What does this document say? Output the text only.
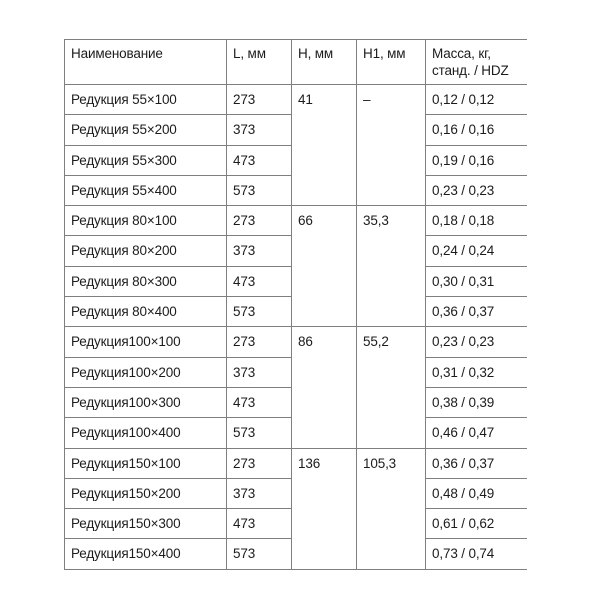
Наименование	L, мм	H, мм	H1, мм	Масса, кг,
станд. / HDZ

Редукция 55×100	273	41	–	0,12 / 0,12
Редукция 55×200	373			0,16 / 0,16
Редукция 55×300	473			0,19 / 0,16
Редукция 55×400	573			0,23 / 0,23
Редукция 80×100	273	66	35,3	0,18 / 0,18
Редукция 80×200	373			0,24 / 0,24
Редукция 80×300	473			0,30 / 0,31
Редукция 80×400	573			0,36 / 0,37
Редукция100×100	273	86	55,2	0,23 / 0,23
Редукция100×200	373			0,31 / 0,32
Редукция100×300	473			0,38 / 0,39
Редукция100×400	573			0,46 / 0,47
Редукция150×100	273	136	105,3	0,36 / 0,37
Редукция150×200	373			0,48 / 0,49
Редукция150×300	473			0,61 / 0,62
Редукция150×400	573			0,73 / 0,74
